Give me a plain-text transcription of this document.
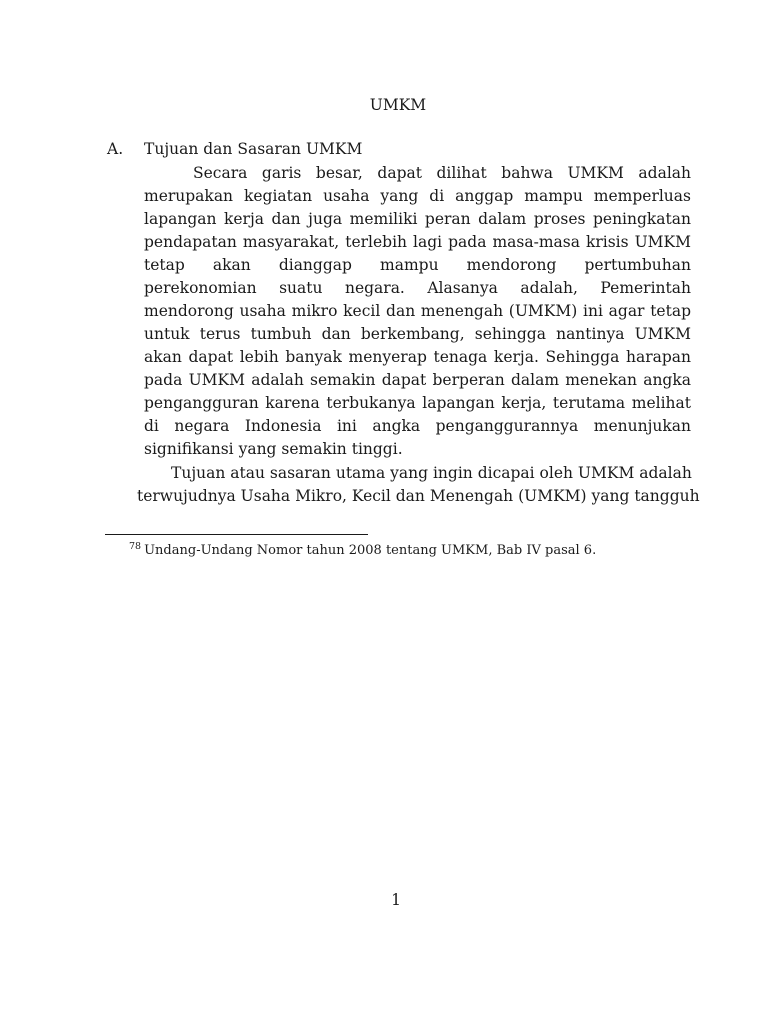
UMKM
A. Tujuan dan Sasaran UMKM

Secara garis besar, dapat dilihat bahwa UMKM adalah merupakan kegiatan usaha yang di anggap mampu memperluas lapangan kerja dan juga memiliki peran dalam proses peningkatan pendapatan masyarakat, terlebih lagi pada masa-masa krisis UMKM tetap akan dianggap mampu mendorong pertumbuhan perekonomian suatu negara. Alasanya adalah, Pemerintah mendorong usaha mikro kecil dan menengah (UMKM) ini agar tetap untuk terus tumbuh dan berkembang, sehingga nantinya UMKM akan dapat lebih banyak menyerap tenaga kerja. Sehingga harapan pada UMKM adalah semakin dapat berperan dalam menekan angka pengangguran karena terbukanya lapangan kerja, terutama melihat di negara Indonesia ini angka penganggurannya menunjukan signifikansi yang semakin tinggi.

Tujuan atau sasaran utama yang ingin dicapai oleh UMKM adalah
terwujudnya Usaha Mikro, Kecil dan Menengah (UMKM) yang tangguh

$^{78}$ Undang-Undang Nomor tahun 2008 tentang UMKM, Bab IV pasal 6.
1
